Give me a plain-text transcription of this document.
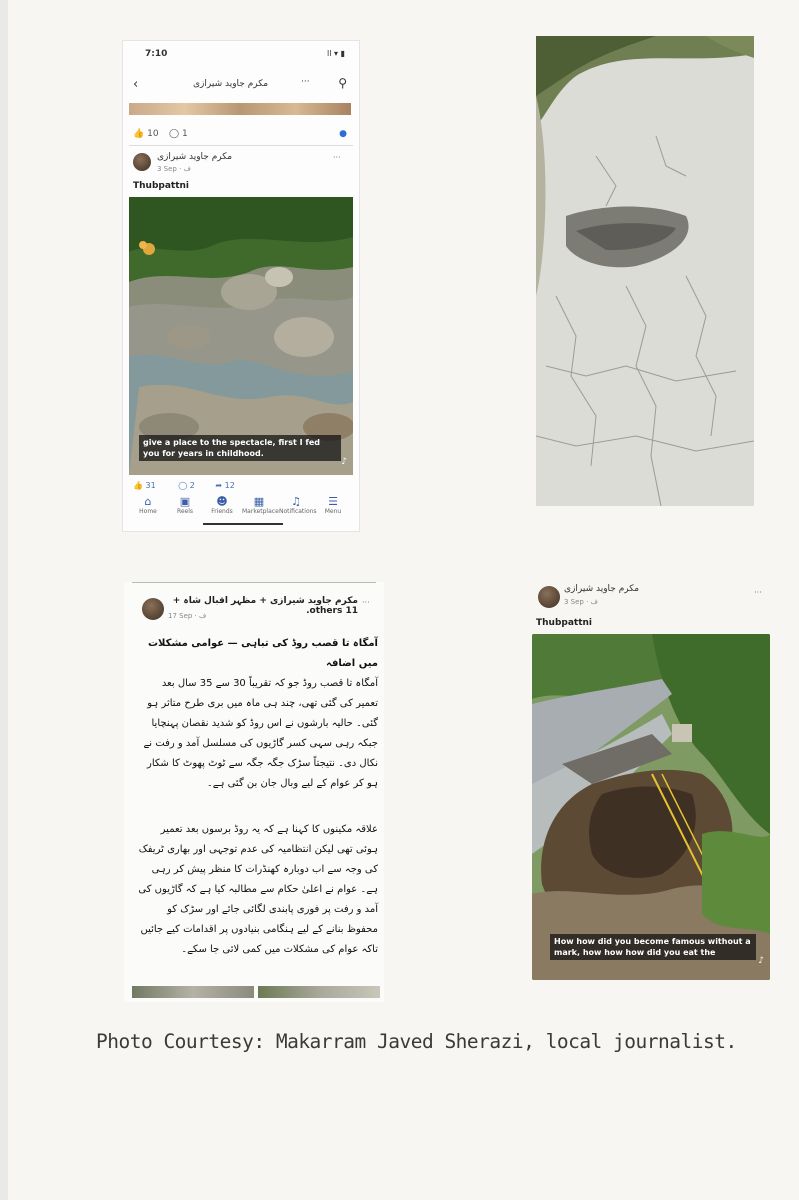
7:10	ll ▾ ▮
‹	مکرم جاوید شیرازی	··· ⚲
👍 10 ◯ 1	●
مکرم جاوید شیرازی
3 Sep · ف
···
Thubpattni
give a place to the spectacle, first I fed you for years in childhood.
♪
👍 31	◯ 2	➦ 12
⌂
Home
▣
Reels
☻
Friends
▦
Marketplace
♫
Notifications
☰
Menu
مکرم جاوید شیرازی + مظہر اقبال شاہ + 11 others.
17 Sep · ف
···
آمگاہ تا قصب روڈ کی تباہی — عوامی مشکلات میں اضافہ
آمگاہ تا قصب روڈ جو کہ تقریباً 30 سے 35 سال بعد تعمیر کی گئی تھی، چند ہی ماہ میں بری طرح متاثر ہو گئی۔ حالیہ بارشوں نے اس روڈ کو شدید نقصان پہنچایا جبکہ رہی سہی کسر گاڑیوں کی مسلسل آمد و رفت نے نکال دی۔ نتیجتاً سڑک جگہ جگہ سے ٹوٹ پھوٹ کا شکار ہو کر عوام کے لیے وبال جان بن گئی ہے۔
علاقہ مکینوں کا کہنا ہے کہ یہ روڈ برسوں بعد تعمیر ہوئی تھی لیکن انتظامیہ کی عدم توجہی اور بھاری ٹریفک کی وجہ سے اب دوبارہ کھنڈرات کا منظر پیش کر رہی ہے۔ عوام نے اعلیٰ حکام سے مطالبہ کیا ہے کہ گاڑیوں کی آمد و رفت پر فوری پابندی لگائی جائے اور سڑک کو محفوظ بنانے کے لیے ہنگامی بنیادوں پر اقدامات کیے جائیں تاکہ عوام کی مشکلات میں کمی لائی جا سکے۔
مکرم جاوید شیرازی
3 Sep · ف
···
Thubpattni
How how did you become famous without a mark, how how how did you eat the
♪
Photo Courtesy: Makarram Javed Sherazi, local journalist.
